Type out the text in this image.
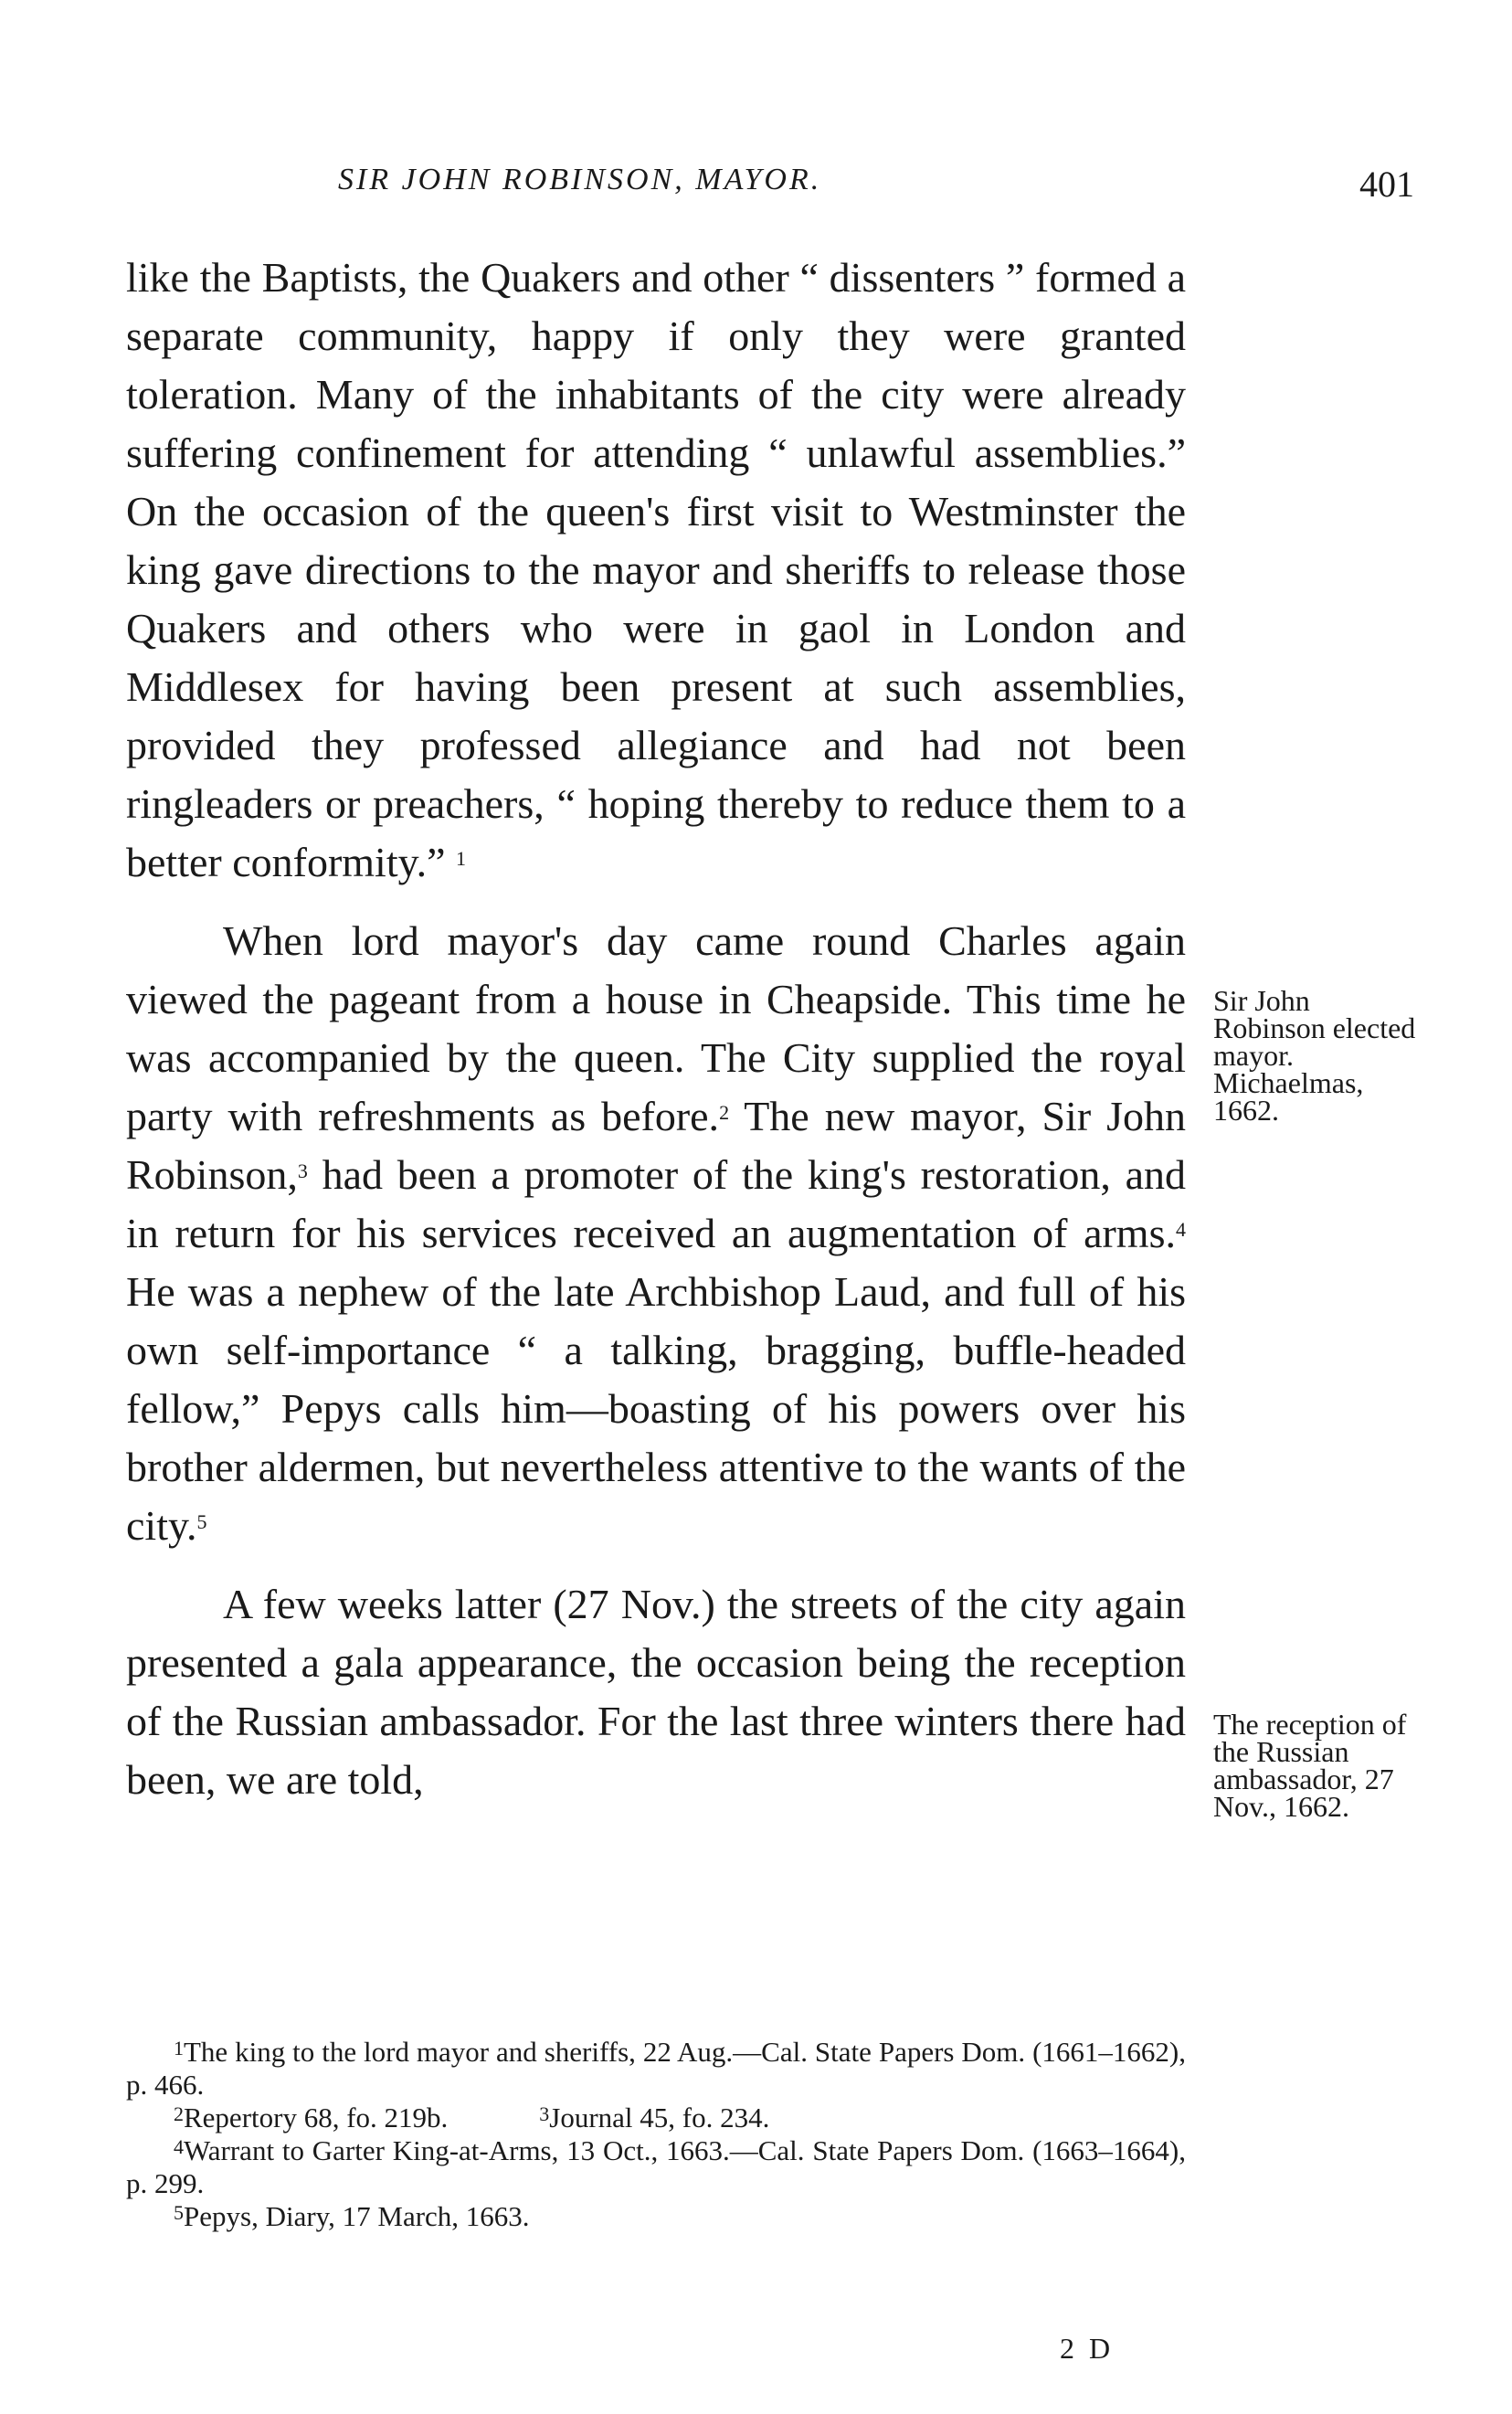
SIR JOHN ROBINSON, MAYOR.	401

like the Baptists, the Quakers and other “ dissenters ” formed a separate community, happy if only they were granted toleration. Many of the inhabitants of the city were already suffering confinement for attending “ unlawful assemblies.” On the occasion of the queen's first visit to Westminster the king gave directions to the mayor and sheriffs to release those Quakers and others who were in gaol in London and Middlesex for having been present at such assemblies, provided they professed allegiance and had not been ringleaders or preachers, “ hoping thereby to reduce them to a better conformity.” $^1$

When lord mayor's day came round Charles again viewed the pageant from a house in Cheapside. This time he was accompanied by the queen. The City supplied the royal party with refreshments as before.$^2$ The new mayor, Sir John Robinson,$^3$ had been a promoter of the king's restoration, and in return for his services received an augmentation of arms.$^4$ He was a nephew of the late Archbishop Laud, and full of his own self-importance “ a talking, bragging, buffle-headed fellow,” Pepys calls him—boasting of his powers over his brother aldermen, but nevertheless attentive to the wants of the city.$^5$

A few weeks latter (27 Nov.) the streets of the city again presented a gala appearance, the occasion being the reception of the Russian ambassador. For the last three winters there had been, we are told,

Sir John Robinson elected mayor. Michaelmas, 1662.
The reception of the Russian ambassador, 27 Nov., 1662.

$^1$The king to the lord mayor and sheriffs, 22 Aug.—Cal. State Papers Dom. (1661–1662), p. 466.

$^2$Repertory 68, fo. 219b.	$^3$Journal 45, fo. 234.

$^4$Warrant to Garter King-at-Arms, 13 Oct., 1663.—Cal. State Papers Dom. (1663–1664), p. 299.

$^5$Pepys, Diary, 17 March, 1663.

2 D
